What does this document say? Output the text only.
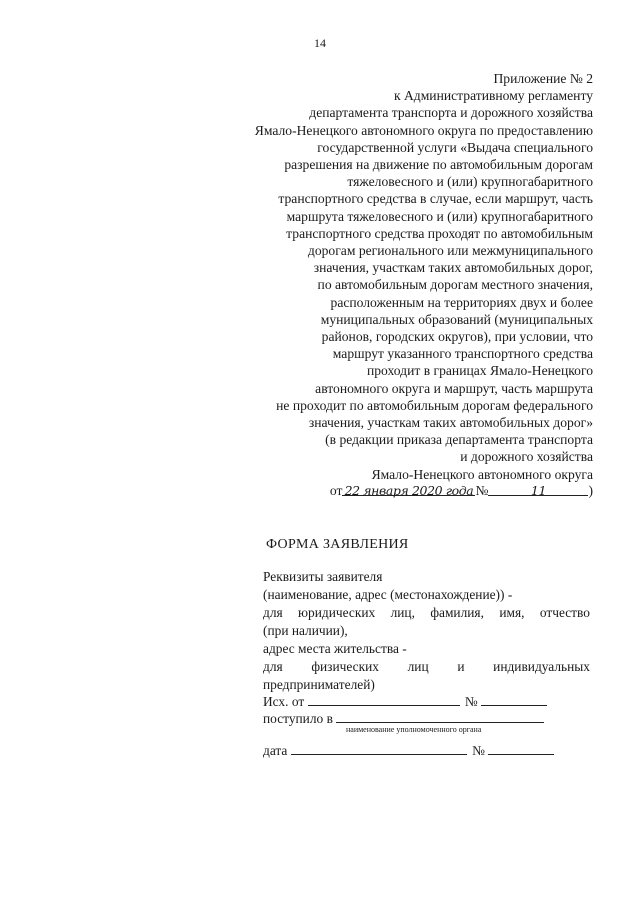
14
Приложение № 2
к Административному регламенту
департамента транспорта и дорожного хозяйства
Ямало-Ненецкого автономного округа по предоставлению
государственной услуги «Выдача специального
разрешения на движение по автомобильным дорогам
тяжеловесного и (или) крупногабаритного
транспортного средства в случае, если маршрут, часть
маршрута тяжеловесного и (или) крупногабаритного
транспортного средства проходят по автомобильным
дорогам регионального или межмуниципального
значения, участкам таких автомобильных дорог,
по автомобильным дорогам местного значения,
расположенным на территориях двух и более
муниципальных образований (муниципальных
районов, городских округов), при условии, что
маршрут указанного транспортного средства
проходит в границах Ямало-Ненецкого
автономного округа и маршрут, часть маршрута
не проходит по автомобильным дорогам федерального
значения, участкам таких автомобильных дорог»
(в редакции приказа департамента транспорта
и дорожного хозяйства
Ямало-Ненецкого автономного округа
от 22 января 2020 года №	11	)
ФОРМА ЗАЯВЛЕНИЯ
Реквизиты заявителя
(наименование, адрес (местонахождение)) -
для юридических лиц, фамилия, имя, отчество
(при наличии),
адрес места жительства -
для физических лиц и индивидуальных
предпринимателей)
Исх. от	№
поступило в
наименование уполномоченного органа
дата	№
